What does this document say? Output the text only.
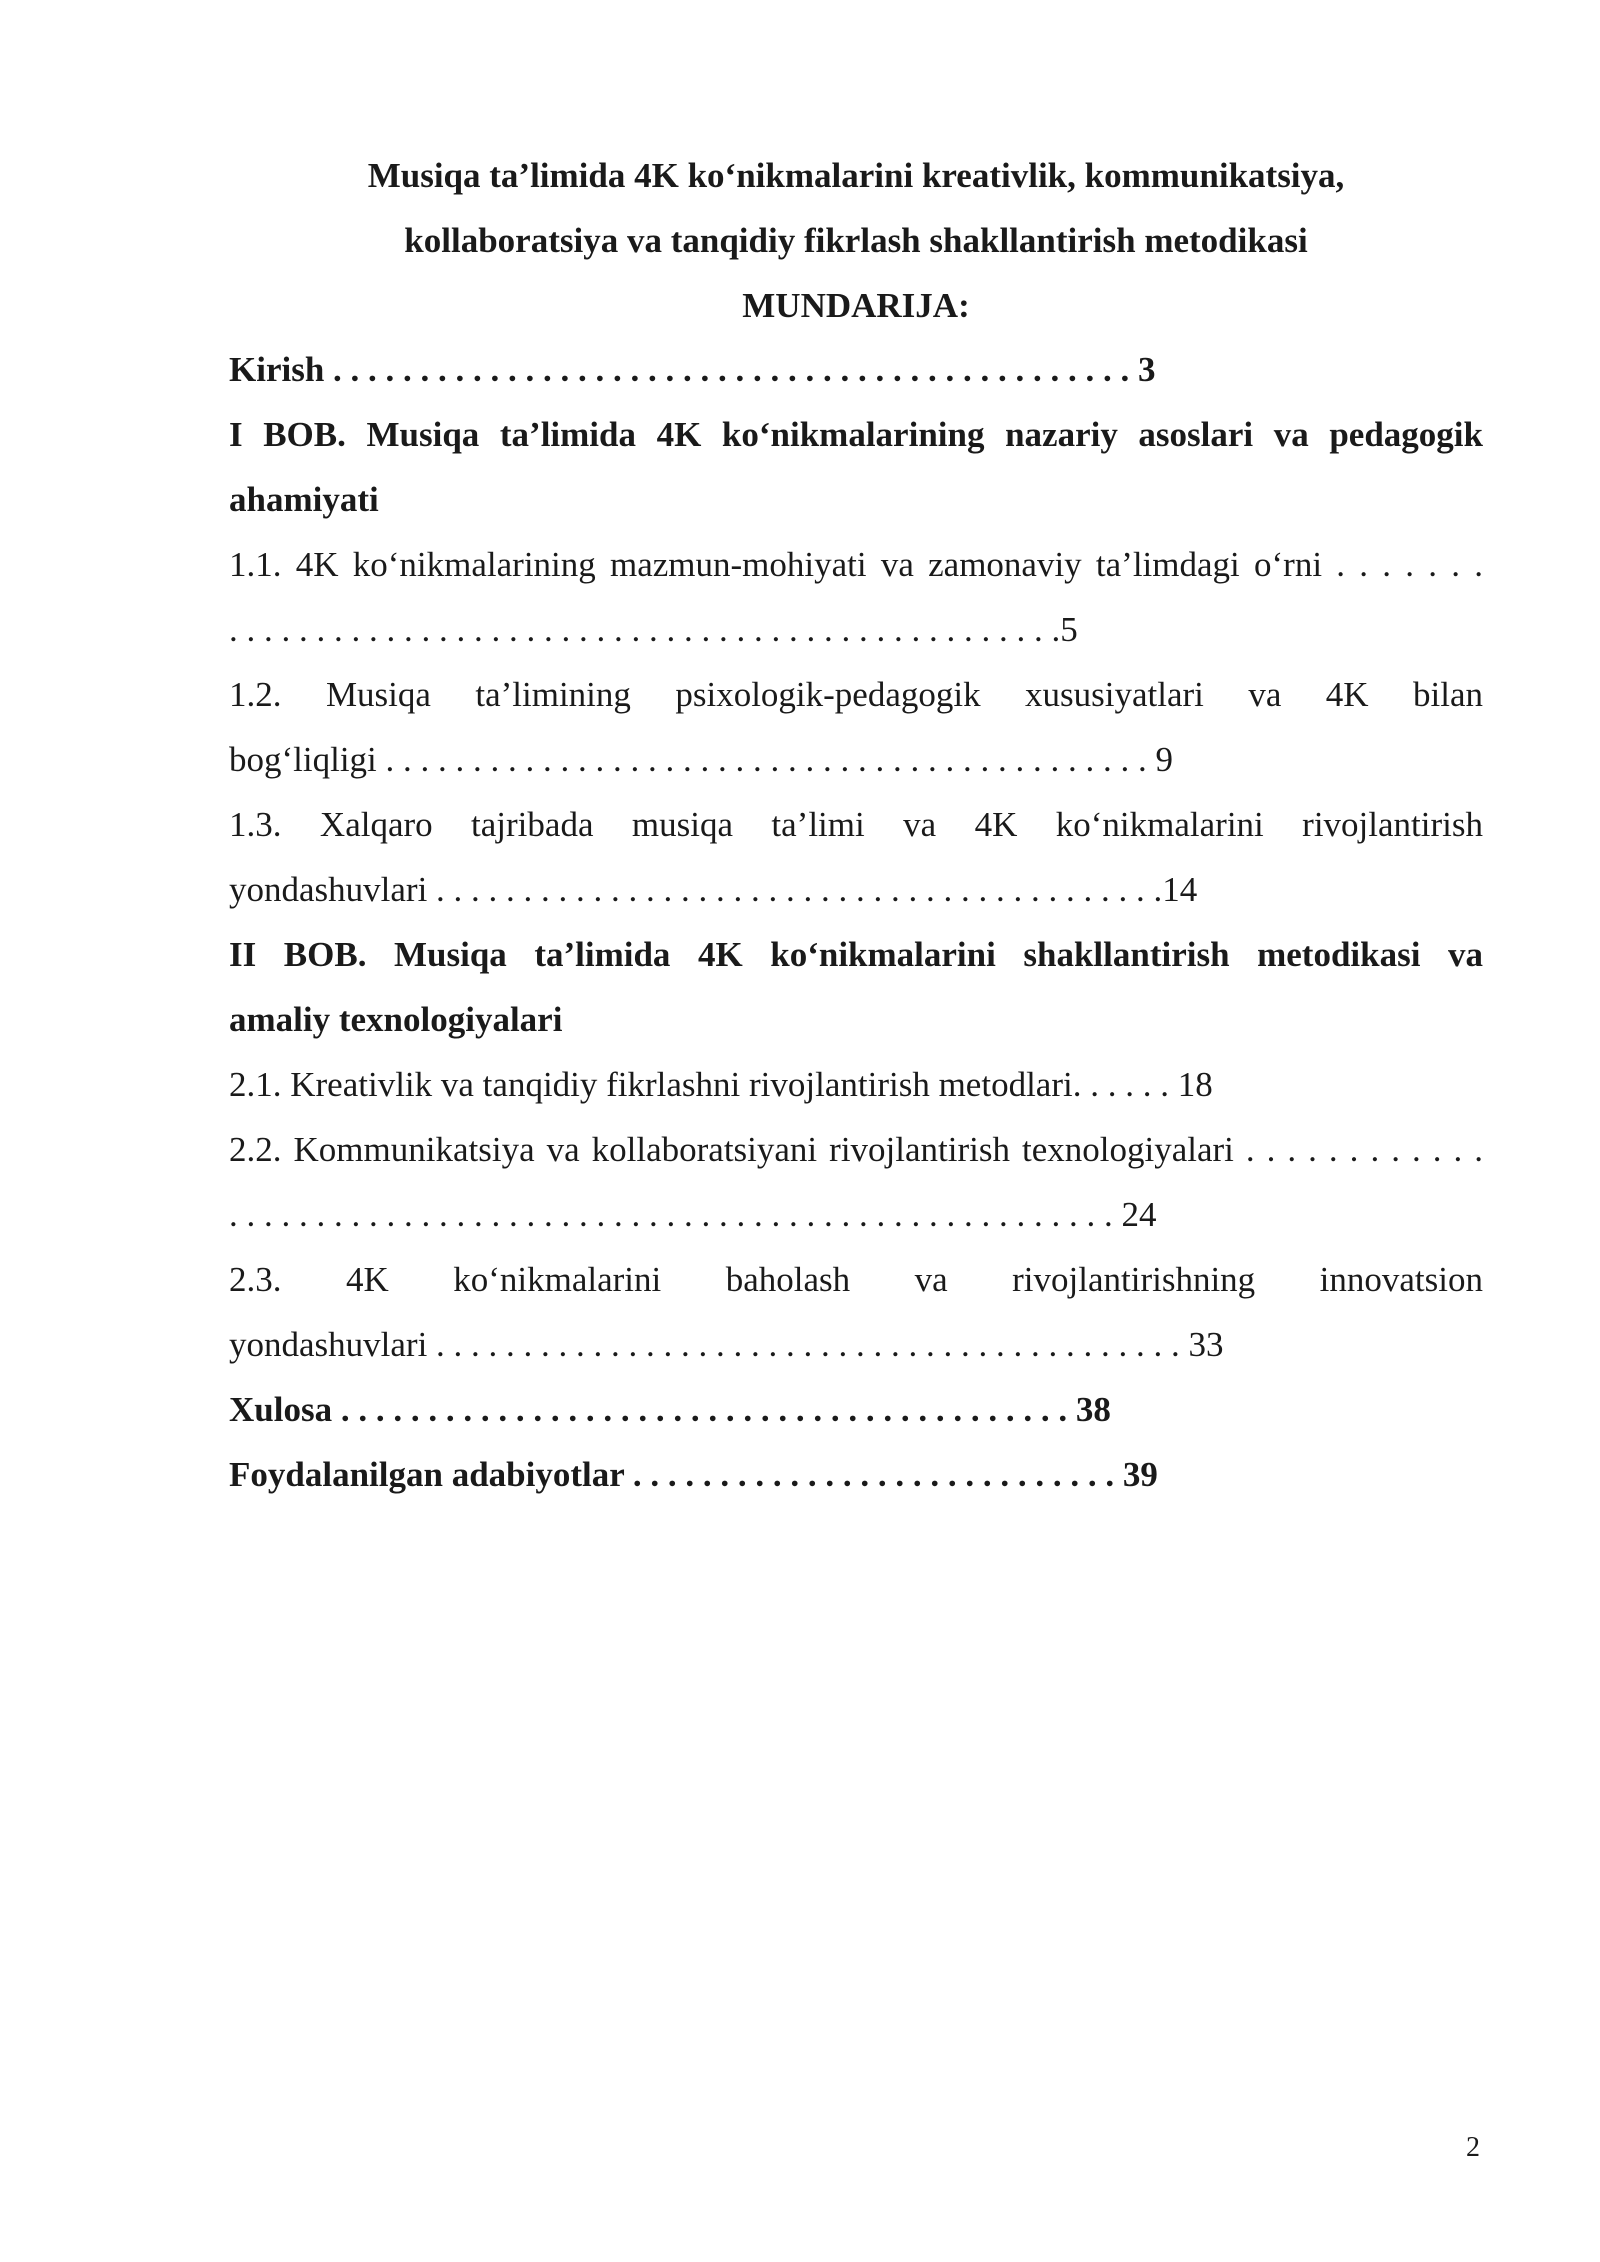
Musiqa ta’limida 4K ko‘nikmalarini kreativlik, kommunikatsiya,
kollaboratsiya va tanqidiy fikrlash shakllantirish metodikasi
MUNDARIJA:

Kirish . . . . . . . . . . . . . . . . . . . . . . . . . . . . . . . . . . . . . . . . . . . . . . 3

I BOB. Musiqa ta’limida 4K ko‘nikmalarining nazariy asoslari va pedagogik

ahamiyati

1.1. 4K ko‘nikmalarining mazmun-mohiyati va zamonaviy ta’limdagi o‘rni . . . . . . .

. . . . . . . . . . . . . . . . . . . . . . . . . . . . . . . . . . . . . . . . . . . . . . . .5

1.2. Musiqa ta’limining psixologik-pedagogik xususiyatlari va 4K bilan

bog‘liqligi . . . . . . . . . . . . . . . . . . . . . . . . . . . . . . . . . . . . . . . . . . . . 9

1.3. Xalqaro tajribada musiqa ta’limi va 4K ko‘nikmalarini rivojlantirish

yondashuvlari . . . . . . . . . . . . . . . . . . . . . . . . . . . . . . . . . . . . . . . . . .14

II BOB. Musiqa ta’limida 4K ko‘nikmalarini shakllantirish metodikasi va

amaliy texnologiyalari

2.1. Kreativlik va tanqidiy fikrlashni rivojlantirish metodlari. . . . . . 18

2.2. Kommunikatsiya va kollaboratsiyani rivojlantirish texnologiyalari . . . . . . . . . . . .

. . . . . . . . . . . . . . . . . . . . . . . . . . . . . . . . . . . . . . . . . . . . . . . . . . . 24

2.3. 4K ko‘nikmalarini baholash va rivojlantirishning innovatsion

yondashuvlari . . . . . . . . . . . . . . . . . . . . . . . . . . . . . . . . . . . . . . . . . . . 33

Xulosa . . . . . . . . . . . . . . . . . . . . . . . . . . . . . . . . . . . . . . . . . . 38

Foydalanilgan adabiyotlar . . . . . . . . . . . . . . . . . . . . . . . . . . . . 39

2
